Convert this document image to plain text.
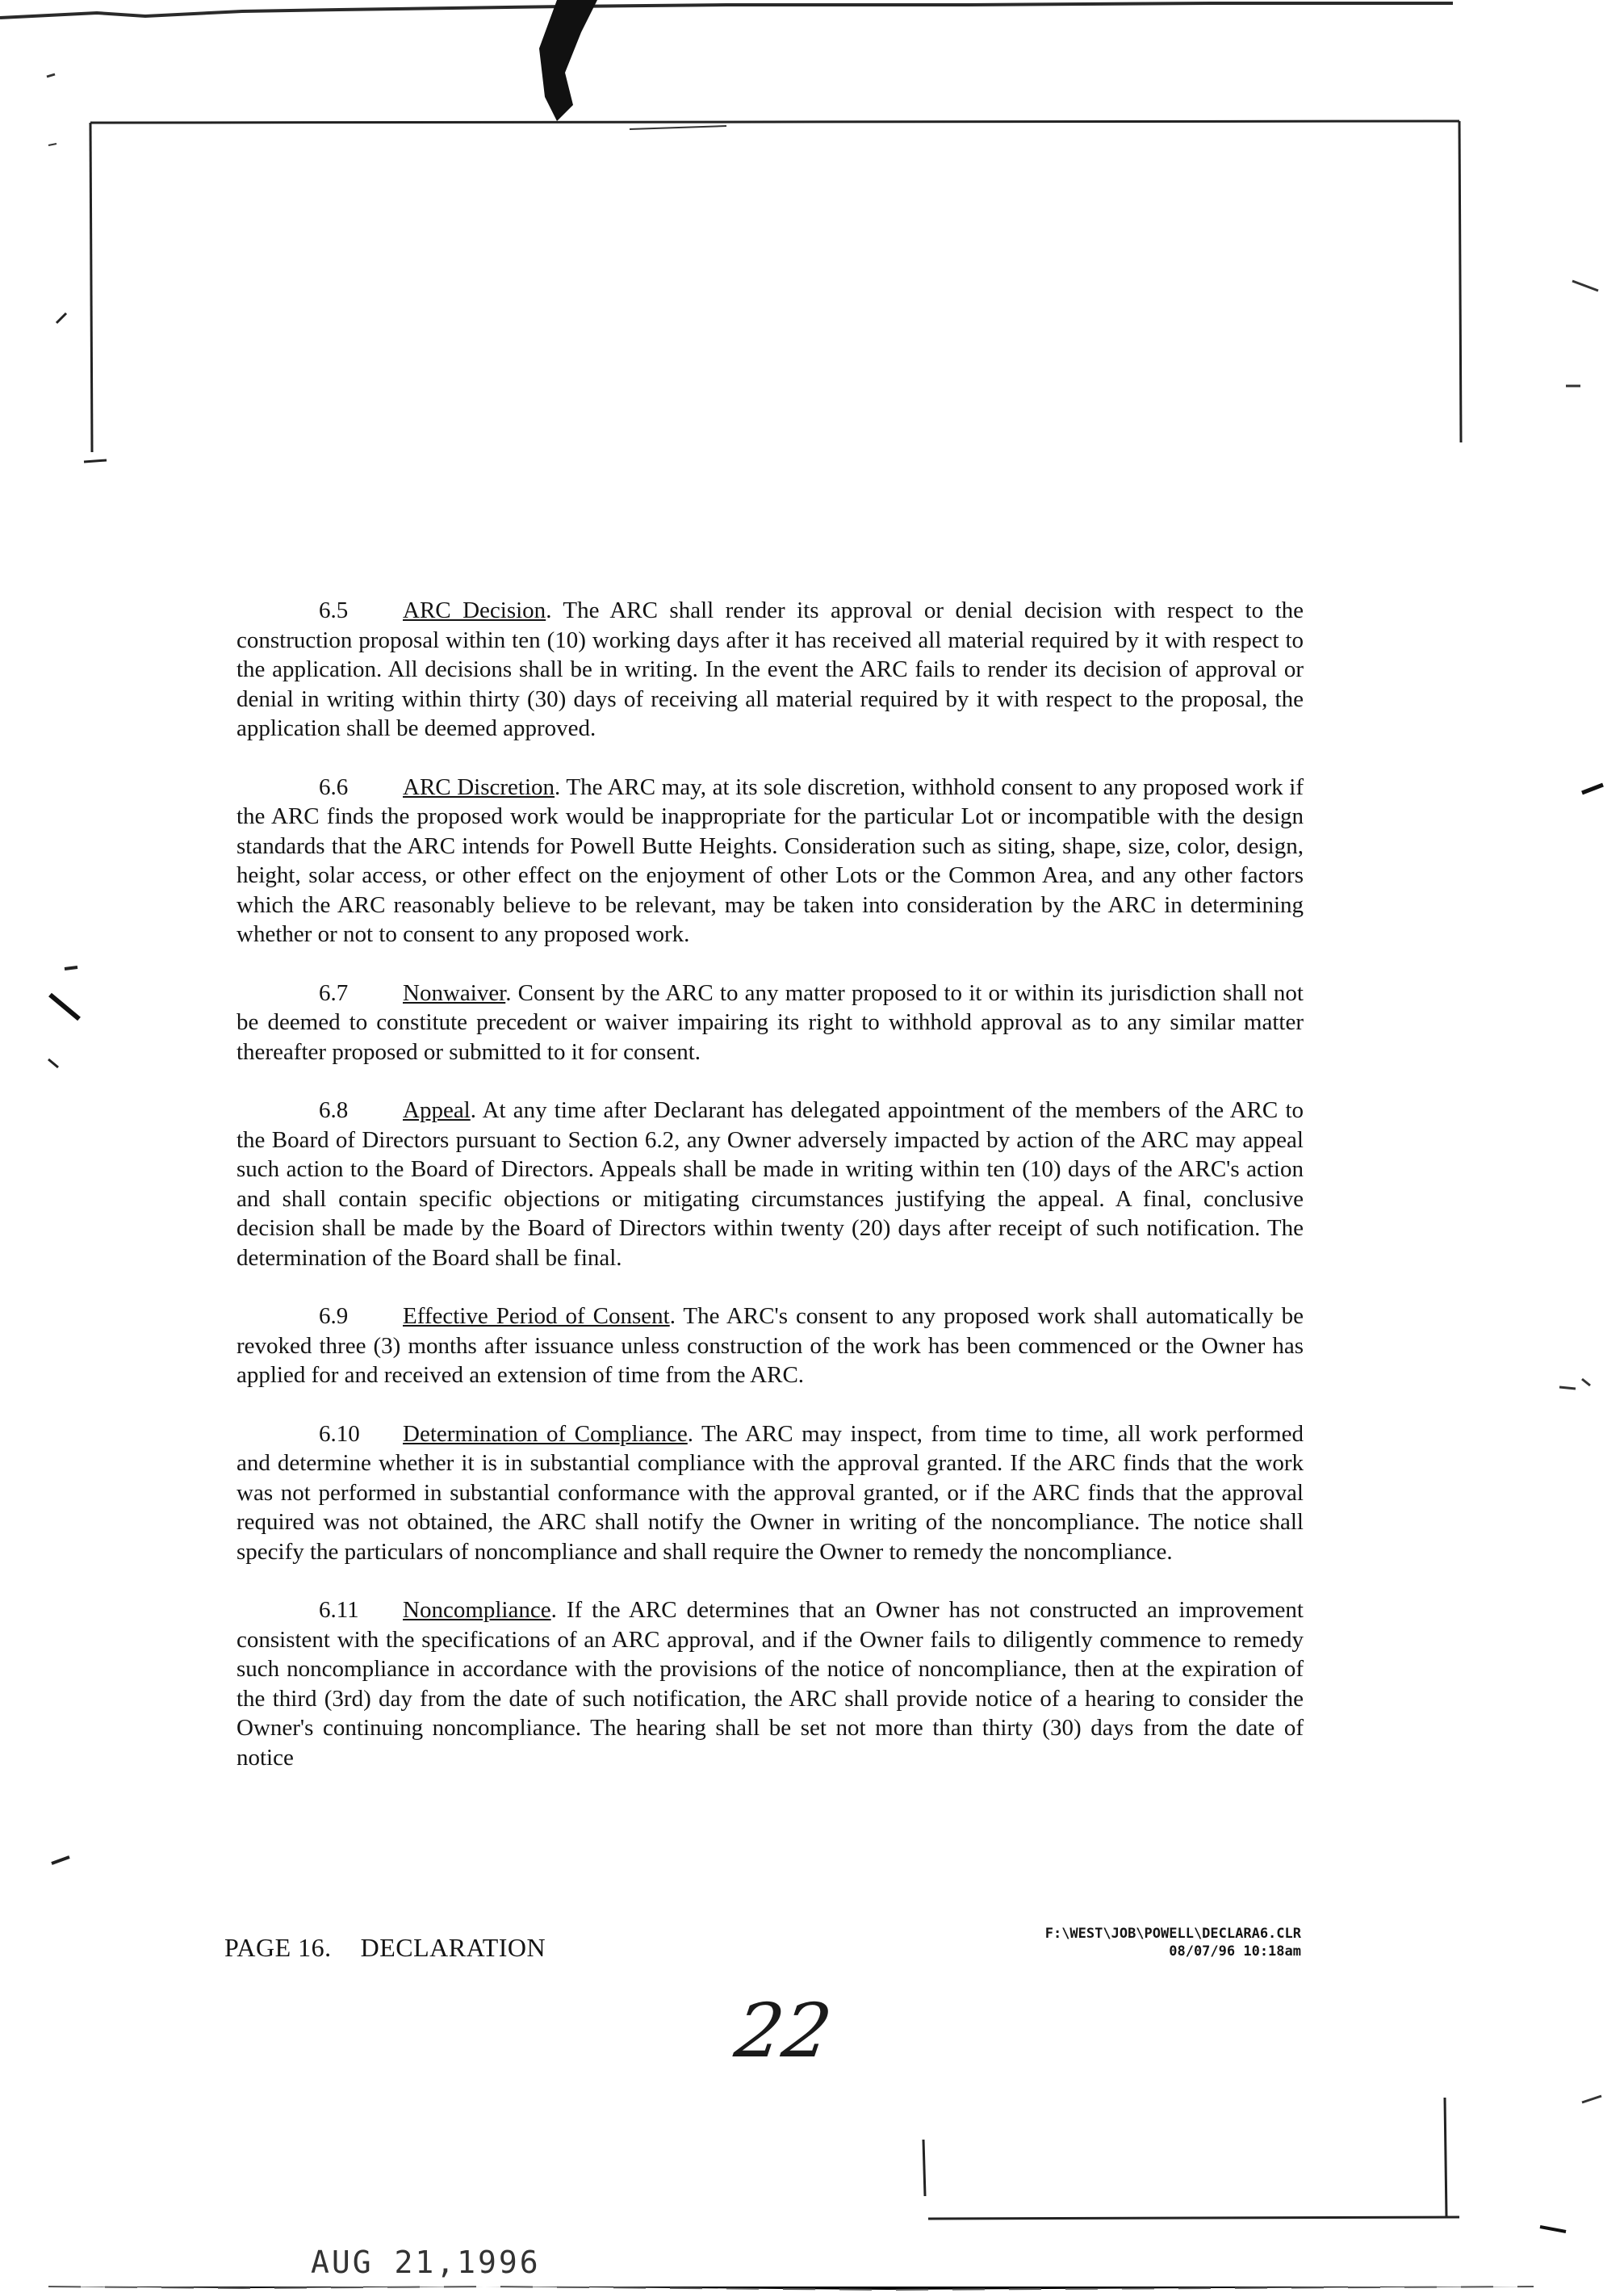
6.5 ARC Decision. The ARC shall render its approval or denial decision with respect to the construction proposal within ten (10) working days after it has received all material required by it with respect to the application. All decisions shall be in writing. In the event the ARC fails to render its decision of approval or denial in writing within thirty (30) days of receiving all material required by it with respect to the proposal, the application shall be deemed approved.

6.6 ARC Discretion. The ARC may, at its sole discretion, withhold consent to any proposed work if the ARC finds the proposed work would be inappropriate for the particular Lot or incompatible with the design standards that the ARC intends for Powell Butte Heights. Consideration such as siting, shape, size, color, design, height, solar access, or other effect on the enjoyment of other Lots or the Common Area, and any other factors which the ARC reasonably believe to be relevant, may be taken into consideration by the ARC in determining whether or not to consent to any proposed work.

6.7 Nonwaiver. Consent by the ARC to any matter proposed to it or within its jurisdiction shall not be deemed to constitute precedent or waiver impairing its right to withhold approval as to any similar matter thereafter proposed or submitted to it for consent.

6.8 Appeal. At any time after Declarant has delegated appointment of the members of the ARC to the Board of Directors pursuant to Section 6.2, any Owner adversely impacted by action of the ARC may appeal such action to the Board of Directors. Appeals shall be made in writing within ten (10) days of the ARC's action and shall contain specific objections or mitigating circumstances justifying the appeal. A final, conclusive decision shall be made by the Board of Directors within twenty (20) days after receipt of such notification. The determination of the Board shall be final.

6.9 Effective Period of Consent. The ARC's consent to any proposed work shall automatically be revoked three (3) months after issuance unless construction of the work has been commenced or the Owner has applied for and received an extension of time from the ARC.

6.10 Determination of Compliance. The ARC may inspect, from time to time, all work performed and determine whether it is in substantial compliance with the approval granted. If the ARC finds that the work was not performed in substantial conformance with the approval granted, or if the ARC finds that the approval required was not obtained, the ARC shall notify the Owner in writing of the noncompliance. The notice shall specify the particulars of noncompliance and shall require the Owner to remedy the noncompliance.

6.11 Noncompliance. If the ARC determines that an Owner has not constructed an improvement consistent with the specifications of an ARC approval, and if the Owner fails to diligently commence to remedy such noncompliance in accordance with the provisions of the notice of noncompliance, then at the expiration of the third (3rd) day from the date of such notification, the ARC shall provide notice of a hearing to consider the Owner's continuing noncompliance. The hearing shall be set not more than thirty (30) days from the date of notice

PAGE 16. DECLARATION	F:\WEST\JOB\POWELL\DECLARA6.CLR
08/07/96 10:18am
22
AUG 21,1996
